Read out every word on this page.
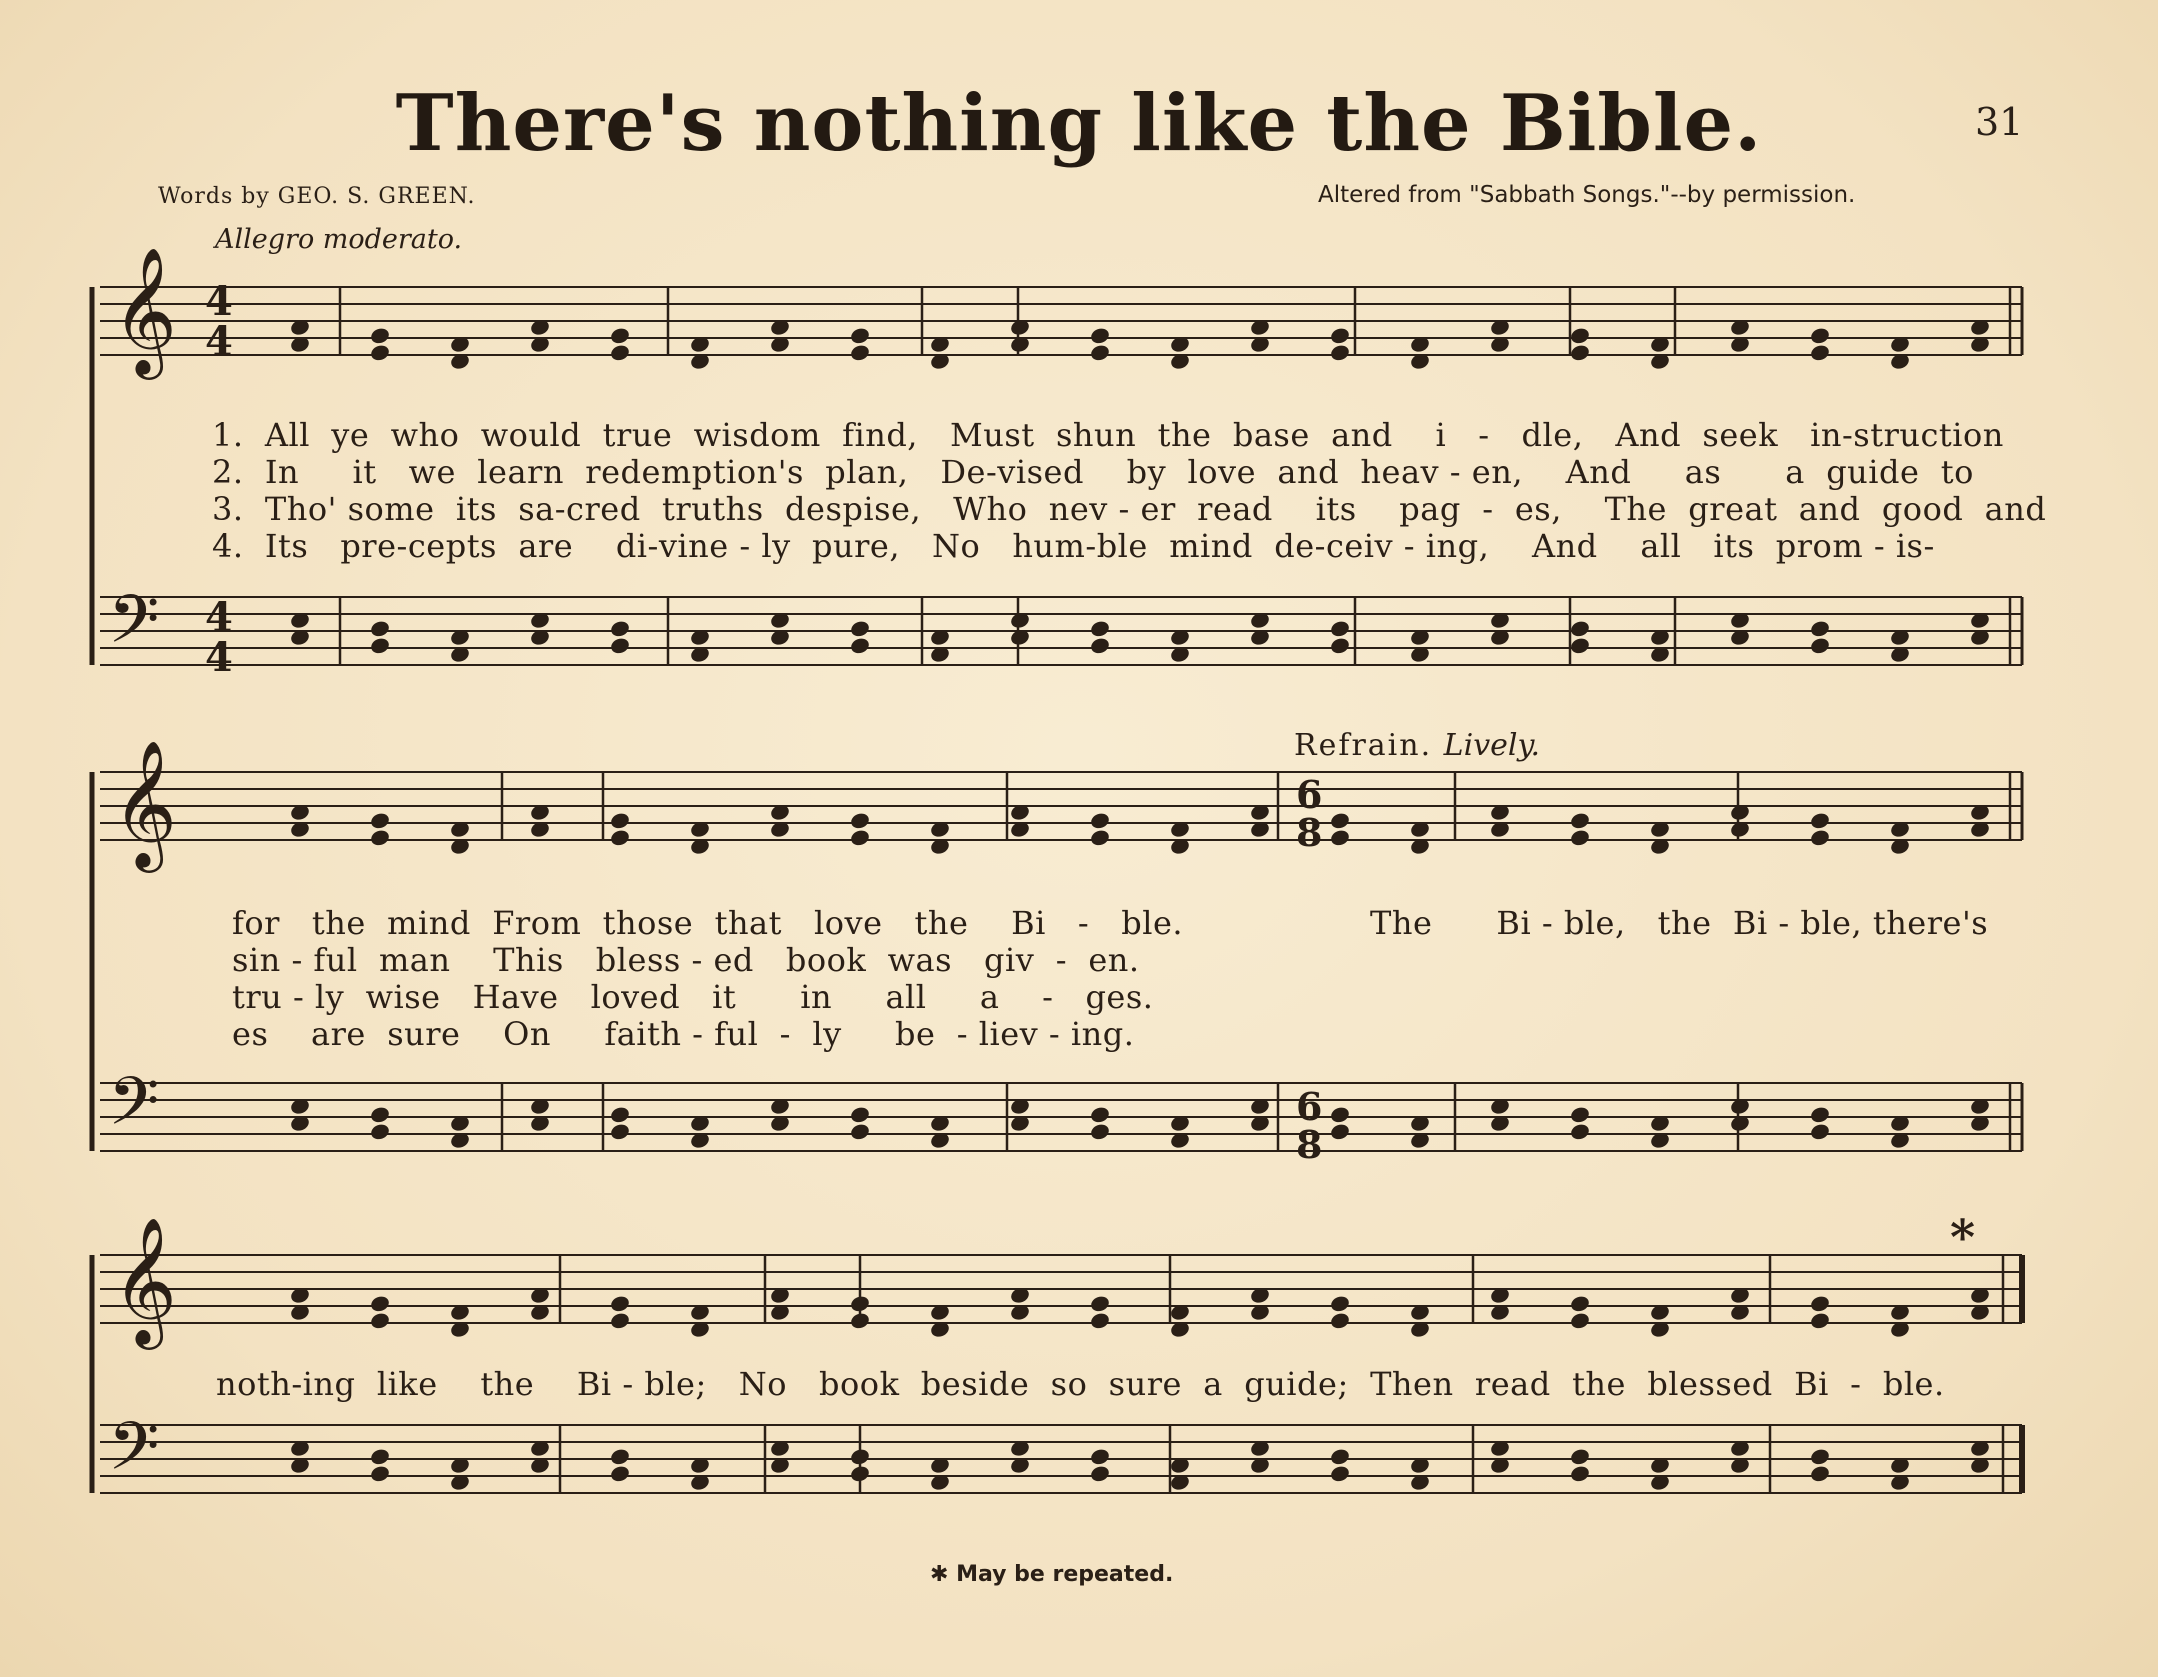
There's nothing like the Bible.	31
Words by GEO. S. GREEN.	Altered from "Sabbath Songs."--by permission.
Allegro moderato.
𝄞
𝄢
𝄞
𝄢
𝄞
𝄢
4
4
4
4
6
8
6
8
Refrain. Lively.
*
1.  All  ye  who  would  true  wisdom  find,   Must  shun  the  base  and    i   -   dle,   And  seek   in-struction
2.  In     it   we  learn  redemption's  plan,   De-vised    by  love  and  heav - en,    And     as      a  guide  to
3.  Tho' some  its  sa-cred  truths  despise,   Who  nev - er  read    its    pag  -  es,    The  great  and  good  and
4.  Its   pre-cepts  are    di-vine - ly  pure,   No   hum-ble  mind  de-ceiv - ing,    And    all   its  prom - is-
for   the  mind  From  those  that   love   the    Bi   -   ble.
sin - ful  man    This   bless - ed   book  was   giv  -  en.
tru - ly  wise   Have   loved   it      in     all     a    -   ges.
es    are  sure    On     faith - ful  -  ly     be  - liev - ing.
The      Bi - ble,   the  Bi - ble, there's
noth-ing  like    the    Bi - ble;   No   book  beside  so  sure  a  guide;  Then  read  the  blessed  Bi  -  ble.
✱ May be repeated.
